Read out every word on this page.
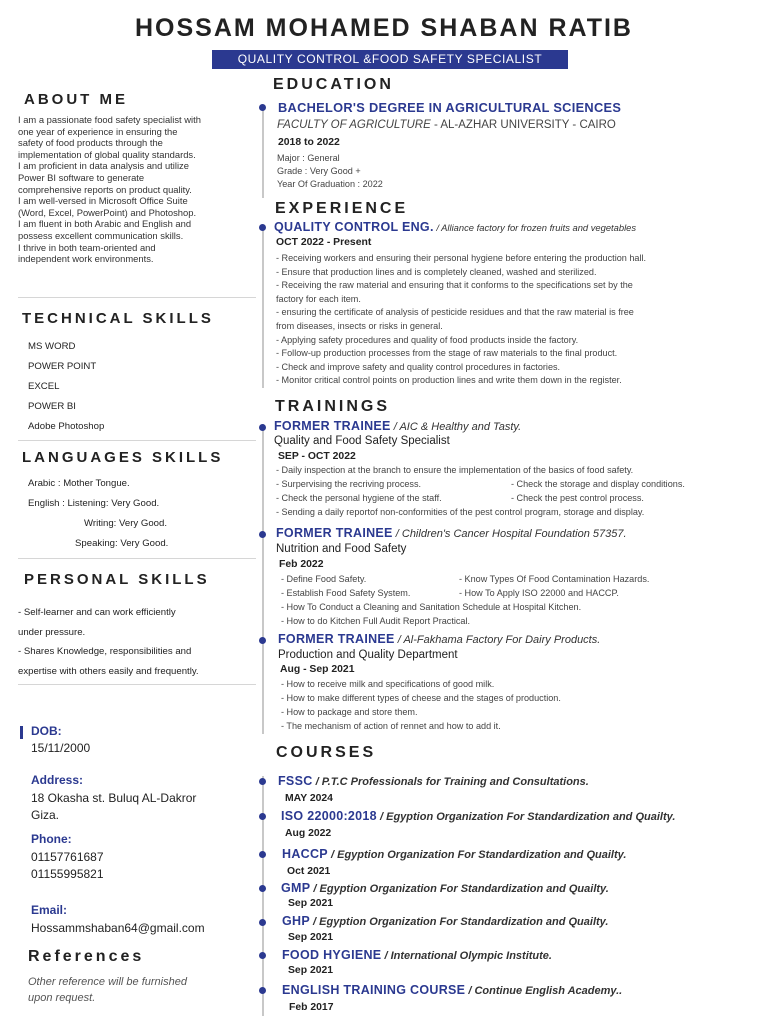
HOSSAM MOHAMED SHABAN RATIB
QUALITY CONTROL &FOOD SAFETY SPECIALIST
ABOUT ME

I am a passionate food safety specialist with

one year of experience in ensuring the

safety of food products through the

implementation of global quality standards.

I am proficient in data analysis and utilize

Power BI software to generate

comprehensive reports on product quality.

I am well-versed in Microsoft Office Suite

(Word, Excel, PowerPoint) and Photoshop.

I am fluent in both Arabic and English and

possess excellent communication skills.

I thrive in both team-oriented and

independent work environments.

TECHNICAL SKILLS
MS WORD
POWER POINT
EXCEL
POWER BI
Adobe Photoshop
LANGUAGES SKILLS
Arabic : Mother Tongue.
English : Listening: Very Good.
Writing: Very Good.
Speaking: Very Good.
PERSONAL SKILLS
- Self-learner and can work efficiently
under pressure.
- Shares Knowledge, responsibilities and
expertise with others easily and frequently.
DOB:
15/11/2000
Address:
18 Okasha st. Buluq AL-Dakror
Giza.
Phone:
01157761687
01155995821
Email:
Hossammshaban64@gmail.com
References
Other reference will be furnished
upon request.
EDUCATION
BACHELOR'S DEGREE IN AGRICULTURAL SCIENCES
FACULTY OF AGRICULTURE - AL-AZHAR UNIVERSITY - CAIRO
2018 to 2022
Major : General
Grade : Very Good +
Year Of Graduation : 2022
EXPERIENCE
QUALITY CONTROL ENG. / Alliance factory for frozen fruits and vegetables
OCT 2022 - Present
- Receiving workers and ensuring their personal hygiene before entering the production hall.
- Ensure that production lines and is completely cleaned, washed and sterilized.
- Receiving the raw material and ensuring that it conforms to the specifications set by the
factory for each item.
- ensuring the certificate of analysis of pesticide residues and that the raw material is free
from diseases, insects or risks in general.
- Applying safety procedures and quality of food products inside the factory.
- Follow-up production processes from the stage of raw materials to the final product.
- Check and improve safety and quality control procedures in factories.
- Monitor critical control points on production lines and write them down in the register.
TRAININGS
FORMER TRAINEE / AIC & Healthy and Tasty.
Quality and Food Safety Specialist
SEP - OCT 2022
- Daily inspection at the branch to ensure the implementation of the basics of food safety.
- Surpervising the recriving process.	- Check the storage and display conditions.
- Check the personal hygiene of the staff.	- Check the pest control process.
- Sending a daily reportof non-conformities of the pest control program, storage and display.
FORMER TRAINEE / Children's Cancer Hospital Foundation 57357.
Nutrition and Food Safety
Feb 2022
- Define Food Safety.	- Know Types Of Food Contamination Hazards.
- Establish Food Safety System.	- How To Apply ISO 22000 and HACCP.
- How To Conduct a Cleaning and Sanitation Schedule at Hospital Kitchen.
- How to do Kitchen Full Audit Report Practical.
FORMER TRAINEE / Al-Fakhama Factory For Dairy Products.
Production and Quality Department
Aug - Sep 2021
- How to receive milk and specifications of good milk.
- How to make different types of cheese and the stages of production.
- How to package and store them.
- The mechanism of action of rennet and how to add it.
COURSES
FSSC / P.T.C Professionals for Training and Consultations.
MAY 2024
ISO 22000:2018 / Egyption Organization For Standardization and Quailty.
Aug 2022
HACCP / Egyption Organization For Standardization and Quailty.
Oct 2021
GMP / Egyption Organization For Standardization and Quailty.
Sep 2021
GHP / Egyption Organization For Standardization and Quailty.
Sep 2021
FOOD HYGIENE / International Olympic Institute.
Sep 2021
ENGLISH TRAINING COURSE / Continue English Academy..
Feb 2017
